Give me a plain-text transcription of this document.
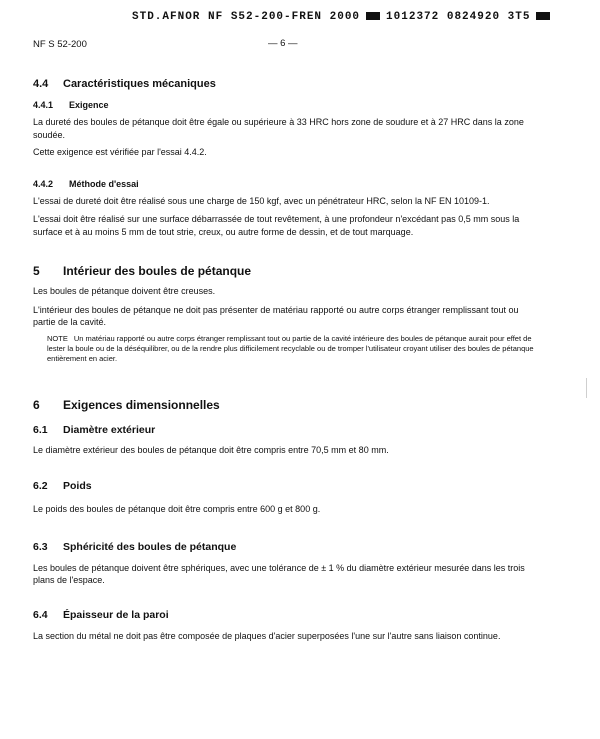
STD.AFNOR NF S52-200-FREN 2000 1012372 0824920 3T5
NF S 52-200	— 6 —
4.4 Caractéristiques mécaniques
4.4.1 Exigence

La dureté des boules de pétanque doit être égale ou supérieure à 33 HRC hors zone de soudure et à 27 HRC dans la zone soudée.

Cette exigence est vérifiée par l'essai 4.4.2.

4.4.2 Méthode d'essai

L'essai de dureté doit être réalisé sous une charge de 150 kgf, avec un pénétrateur HRC, selon la NF EN 10109-1.

L'essai doit être réalisé sur une surface débarrassée de tout revêtement, à une profondeur n'excédant pas 0,5 mm sous la surface et à au moins 5 mm de tout strie, creux, ou autre forme de dessin, et de tout marquage.

5 Intérieur des boules de pétanque

Les boules de pétanque doivent être creuses.

L'intérieur des boules de pétanque ne doit pas présenter de matériau rapporté ou autre corps étranger remplissant tout ou partie de la cavité.

NOTE Un matériau rapporté ou autre corps étranger remplissant tout ou partie de la cavité intérieure des boules de pétanque aurait pour effet de lester la boule ou de la déséquilibrer, ou de la rendre plus difficilement recyclable ou de tromper l'utilisateur croyant utiliser des boules de pétanque entièrement en acier.

6 Exigences dimensionnelles
6.1 Diamètre extérieur

Le diamètre extérieur des boules de pétanque doit être compris entre 70,5 mm et 80 mm.

6.2 Poids

Le poids des boules de pétanque doit être compris entre 600 g et 800 g.

6.3 Sphéricité des boules de pétanque

Les boules de pétanque doivent être sphériques, avec une tolérance de ± 1 % du diamètre extérieur mesurée dans les trois plans de l'espace.

6.4 Épaisseur de la paroi

La section du métal ne doit pas être composée de plaques d'acier superposées l'une sur l'autre sans liaison continue.
